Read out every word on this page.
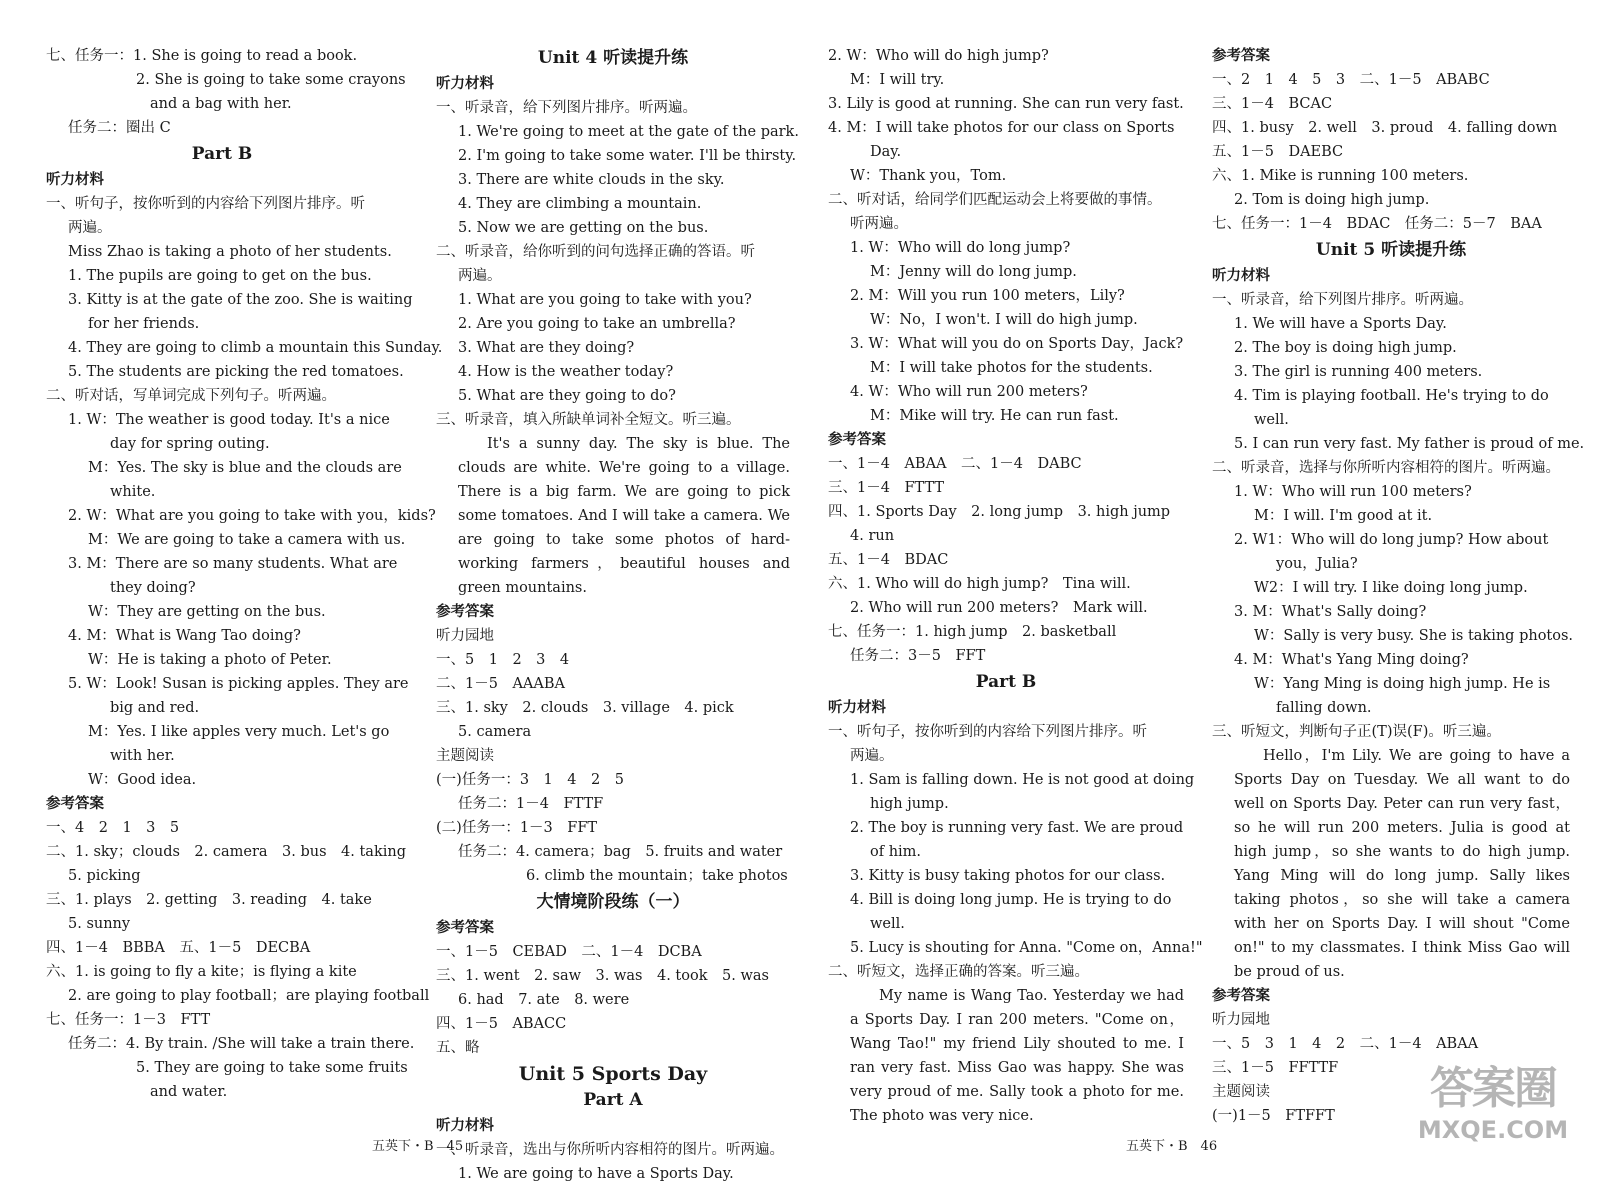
七、任务一：1. She is going to read a book.
2. She is going to take some crayons
and a bag with her.
任务二：圈出 C
Part B
听力材料
一、听句子，按你听到的内容给下列图片排序。听
两遍。
Miss Zhao is taking a photo of her students.
1. The pupils are going to get on the bus.
3. Kitty is at the gate of the zoo. She is waiting
for her friends.
4. They are going to climb a mountain this Sunday.
5. The students are picking the red tomatoes.
二、听对话，写单词完成下列句子。听两遍。
1. W：The weather is good today. It's a nice
day for spring outing.
M：Yes. The sky is blue and the clouds are
white.
2. W：What are you going to take with you，kids?
M：We are going to take a camera with us.
3. M：There are so many students. What are
they doing?
W：They are getting on the bus.
4. M：What is Wang Tao doing?
W：He is taking a photo of Peter.
5. W：Look! Susan is picking apples. They are
big and red.
M：Yes. I like apples very much. Let's go
with her.
W：Good idea.
参考答案
一、4　2　1　3　5
二、1. sky；clouds　2. camera　3. bus　4. taking
5. picking
三、1. plays　2. getting　3. reading　4. take
5. sunny
四、1－4　BBBA　五、1－5　DECBA
六、1. is going to fly a kite；is flying a kite
2. are going to play football；are playing football
七、任务一：1－3　FTT
任务二：4. By train. /She will take a train there.
5. They are going to take some fruits
and water.
Unit 4 听读提升练
听力材料
一、听录音，给下列图片排序。听两遍。
1. We're going to meet at the gate of the park.
2. I'm going to take some water. I'll be thirsty.
3. There are white clouds in the sky.
4. They are climbing a mountain.
5. Now we are getting on the bus.
二、听录音，给你听到的问句选择正确的答语。听
两遍。
1. What are you going to take with you?
2. Are you going to take an umbrella?
3. What are they doing?
4. How is the weather today?
5. What are they going to do?
三、听录音，填入所缺单词补全短文。听三遍。
It's a sunny day. The sky is blue. The clouds are white. We're going to a village. There is a big farm. We are going to pick some tomatoes. And I will take a camera. We are going to take some photos of hard-working farmers，beautiful houses and green mountains.
参考答案
听力园地
一、5　1　2　3　4
二、1－5　AAABA
三、1. sky　2. clouds　3. village　4. pick
5. camera
主题阅读
(一)任务一：3　1　4　2　5
任务二：1－4　FTTF
(二)任务一：1－3　FFT
任务二：4. camera；bag　5. fruits and water
6. climb the mountain；take photos
大情境阶段练（一）
参考答案
一、1－5　CEBAD　二、1－4　DCBA
三、1. went　2. saw　3. was　4. took　5. was
6. had　7. ate　8. were
四、1－5　ABACC
五、略
Unit 5 Sports Day
Part A
听力材料
一、听录音，选出与你所听内容相符的图片。听两遍。
1. We are going to have a Sports Day.
2. W：Who will do high jump?
M：I will try.
3. Lily is good at running. She can run very fast.
4. M：I will take photos for our class on Sports
Day.
W：Thank you，Tom.
二、听对话，给同学们匹配运动会上将要做的事情。
听两遍。
1. W：Who will do long jump?
M：Jenny will do long jump.
2. M：Will you run 100 meters，Lily?
W：No，I won't. I will do high jump.
3. W：What will you do on Sports Day，Jack?
M：I will take photos for the students.
4. W：Who will run 200 meters?
M：Mike will try. He can run fast.
参考答案
一、1－4　ABAA　二、1－4　DABC
三、1－4　FTTT
四、1. Sports Day　2. long jump　3. high jump
4. run
五、1－4　BDAC
六、1. Who will do high jump?　Tina will.
2. Who will run 200 meters?　Mark will.
七、任务一：1. high jump　2. basketball
任务二：3－5　FFT
Part B
听力材料
一、听句子，按你听到的内容给下列图片排序。听
两遍。
1. Sam is falling down. He is not good at doing
high jump.
2. The boy is running very fast. We are proud
of him.
3. Kitty is busy taking photos for our class.
4. Bill is doing long jump. He is trying to do
well.
5. Lucy is shouting for Anna. "Come on，Anna!"
二、听短文，选择正确的答案。听三遍。
My name is Wang Tao. Yesterday we had a Sports Day. I ran 200 meters. "Come on，Wang Tao!" my friend Lily shouted to me. I ran very fast. Miss Gao was happy. She was very proud of me. Sally took a photo for me. The photo was very nice.
参考答案
一、2　1　4　5　3　二、1－5　ABABC
三、1－4　BCAC
四、1. busy　2. well　3. proud　4. falling down
五、1－5　DAEBC
六、1. Mike is running 100 meters.
2. Tom is doing high jump.
七、任务一：1－4　BDAC　任务二：5－7　BAA
Unit 5 听读提升练
听力材料
一、听录音，给下列图片排序。听两遍。
1. We will have a Sports Day.
2. The boy is doing high jump.
3. The girl is running 400 meters.
4. Tim is playing football. He's trying to do
well.
5. I can run very fast. My father is proud of me.
二、听录音，选择与你所听内容相符的图片。听两遍。
1. W：Who will run 100 meters?
M：I will. I'm good at it.
2. W1：Who will do long jump? How about
you，Julia?
W2：I will try. I like doing long jump.
3. M：What's Sally doing?
W：Sally is very busy. She is taking photos.
4. M：What's Yang Ming doing?
W：Yang Ming is doing high jump. He is
falling down.
三、听短文，判断句子正(T)误(F)。听三遍。
Hello，I'm Lily. We are going to have a Sports Day on Tuesday. We all want to do well on Sports Day. Peter can run very fast，so he will run 200 meters. Julia is good at high jump，so she wants to do high jump. Yang Ming will do long jump. Sally likes taking photos，so she will take a camera with her on Sports Day. I will shout "Come on!" to my classmates. I think Miss Gao will be proud of us.
参考答案
听力园地
一、5　3　1　4　2　二、1－4　ABAA
三、1－5　FFTTF
主题阅读
(一)1－5　FTFFT
五英下・B　45	五英下・B　46
答案圈
MXQE.COM
